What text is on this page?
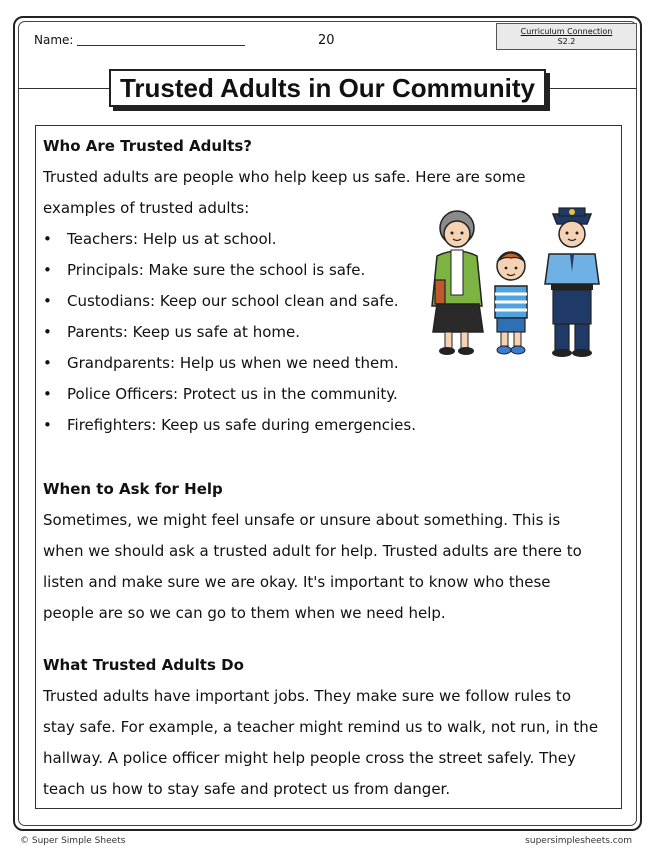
Name:	20
Curriculum Connection
S2.2
Trusted Adults in Our Community
Who Are Trusted Adults?
Trusted adults are people who help keep us safe. Here are some
examples of trusted adults:
• Teachers: Help us at school.
• Principals: Make sure the school is safe.
• Custodians: Keep our school clean and safe.
• Parents: Keep us safe at home.
• Grandparents: Help us when we need them.
• Police Officers: Protect us in the community.
• Firefighters: Keep us safe during emergencies.
When to Ask for Help
Sometimes, we might feel unsafe or unsure about something. This is
when we should ask a trusted adult for help. Trusted adults are there to
listen and make sure we are okay. It's important to know who these
people are so we can go to them when we need help.
What Trusted Adults Do
Trusted adults have important jobs. They make sure we follow rules to
stay safe. For example, a teacher might remind us to walk, not run, in the
hallway. A police officer might help people cross the street safely. They
teach us how to stay safe and protect us from danger.
© Super Simple Sheets	supersimplesheets.com
